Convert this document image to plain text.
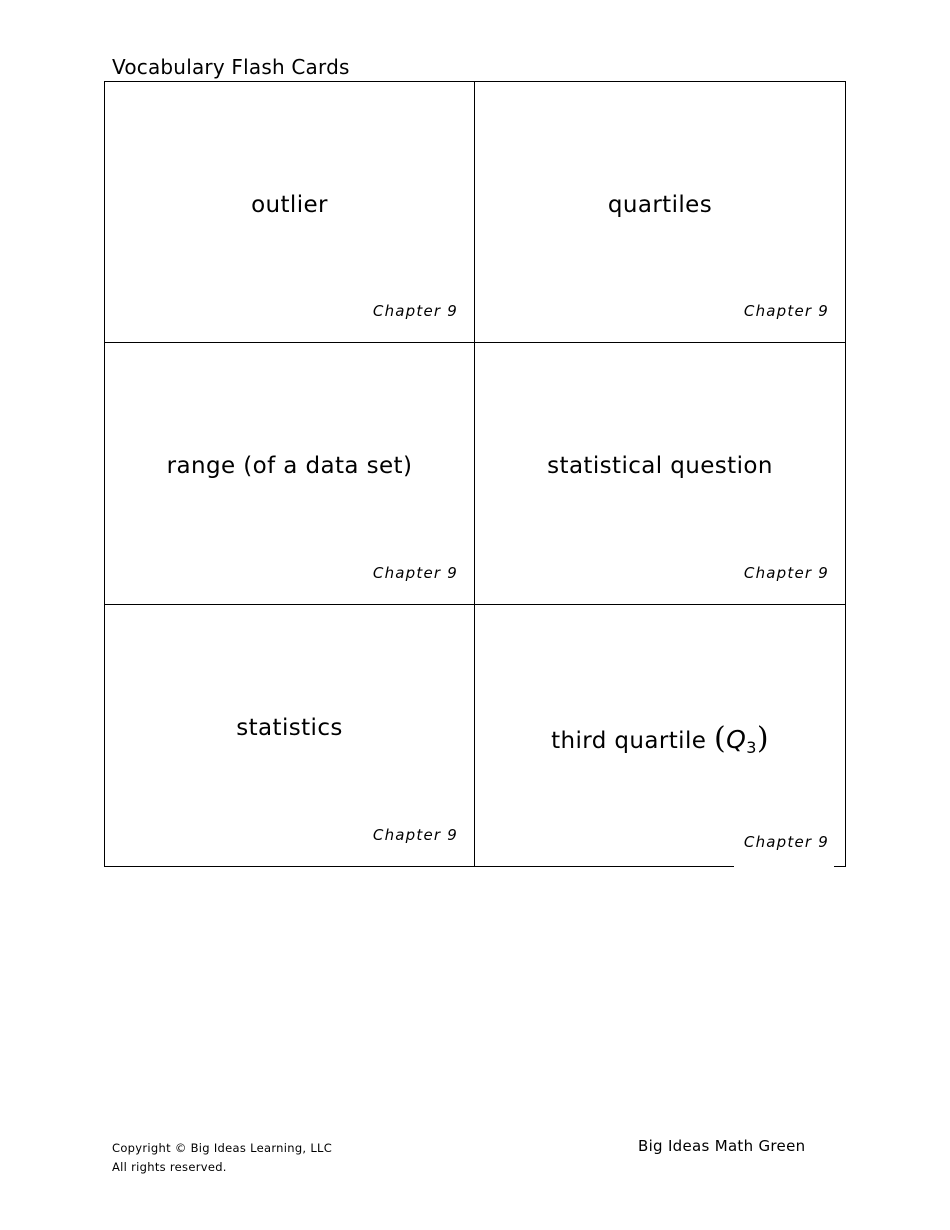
Vocabulary Flash Cards
outlier
Chapter 9
quartiles
Chapter 9
range (of a data set)
Chapter 9
statistical question
Chapter 9
statistics
Chapter 9
third quartile $(Q_3)$
Chapter 9
Copyright © Big Ideas Learning, LLC
All rights reserved.
Big Ideas Math Green
